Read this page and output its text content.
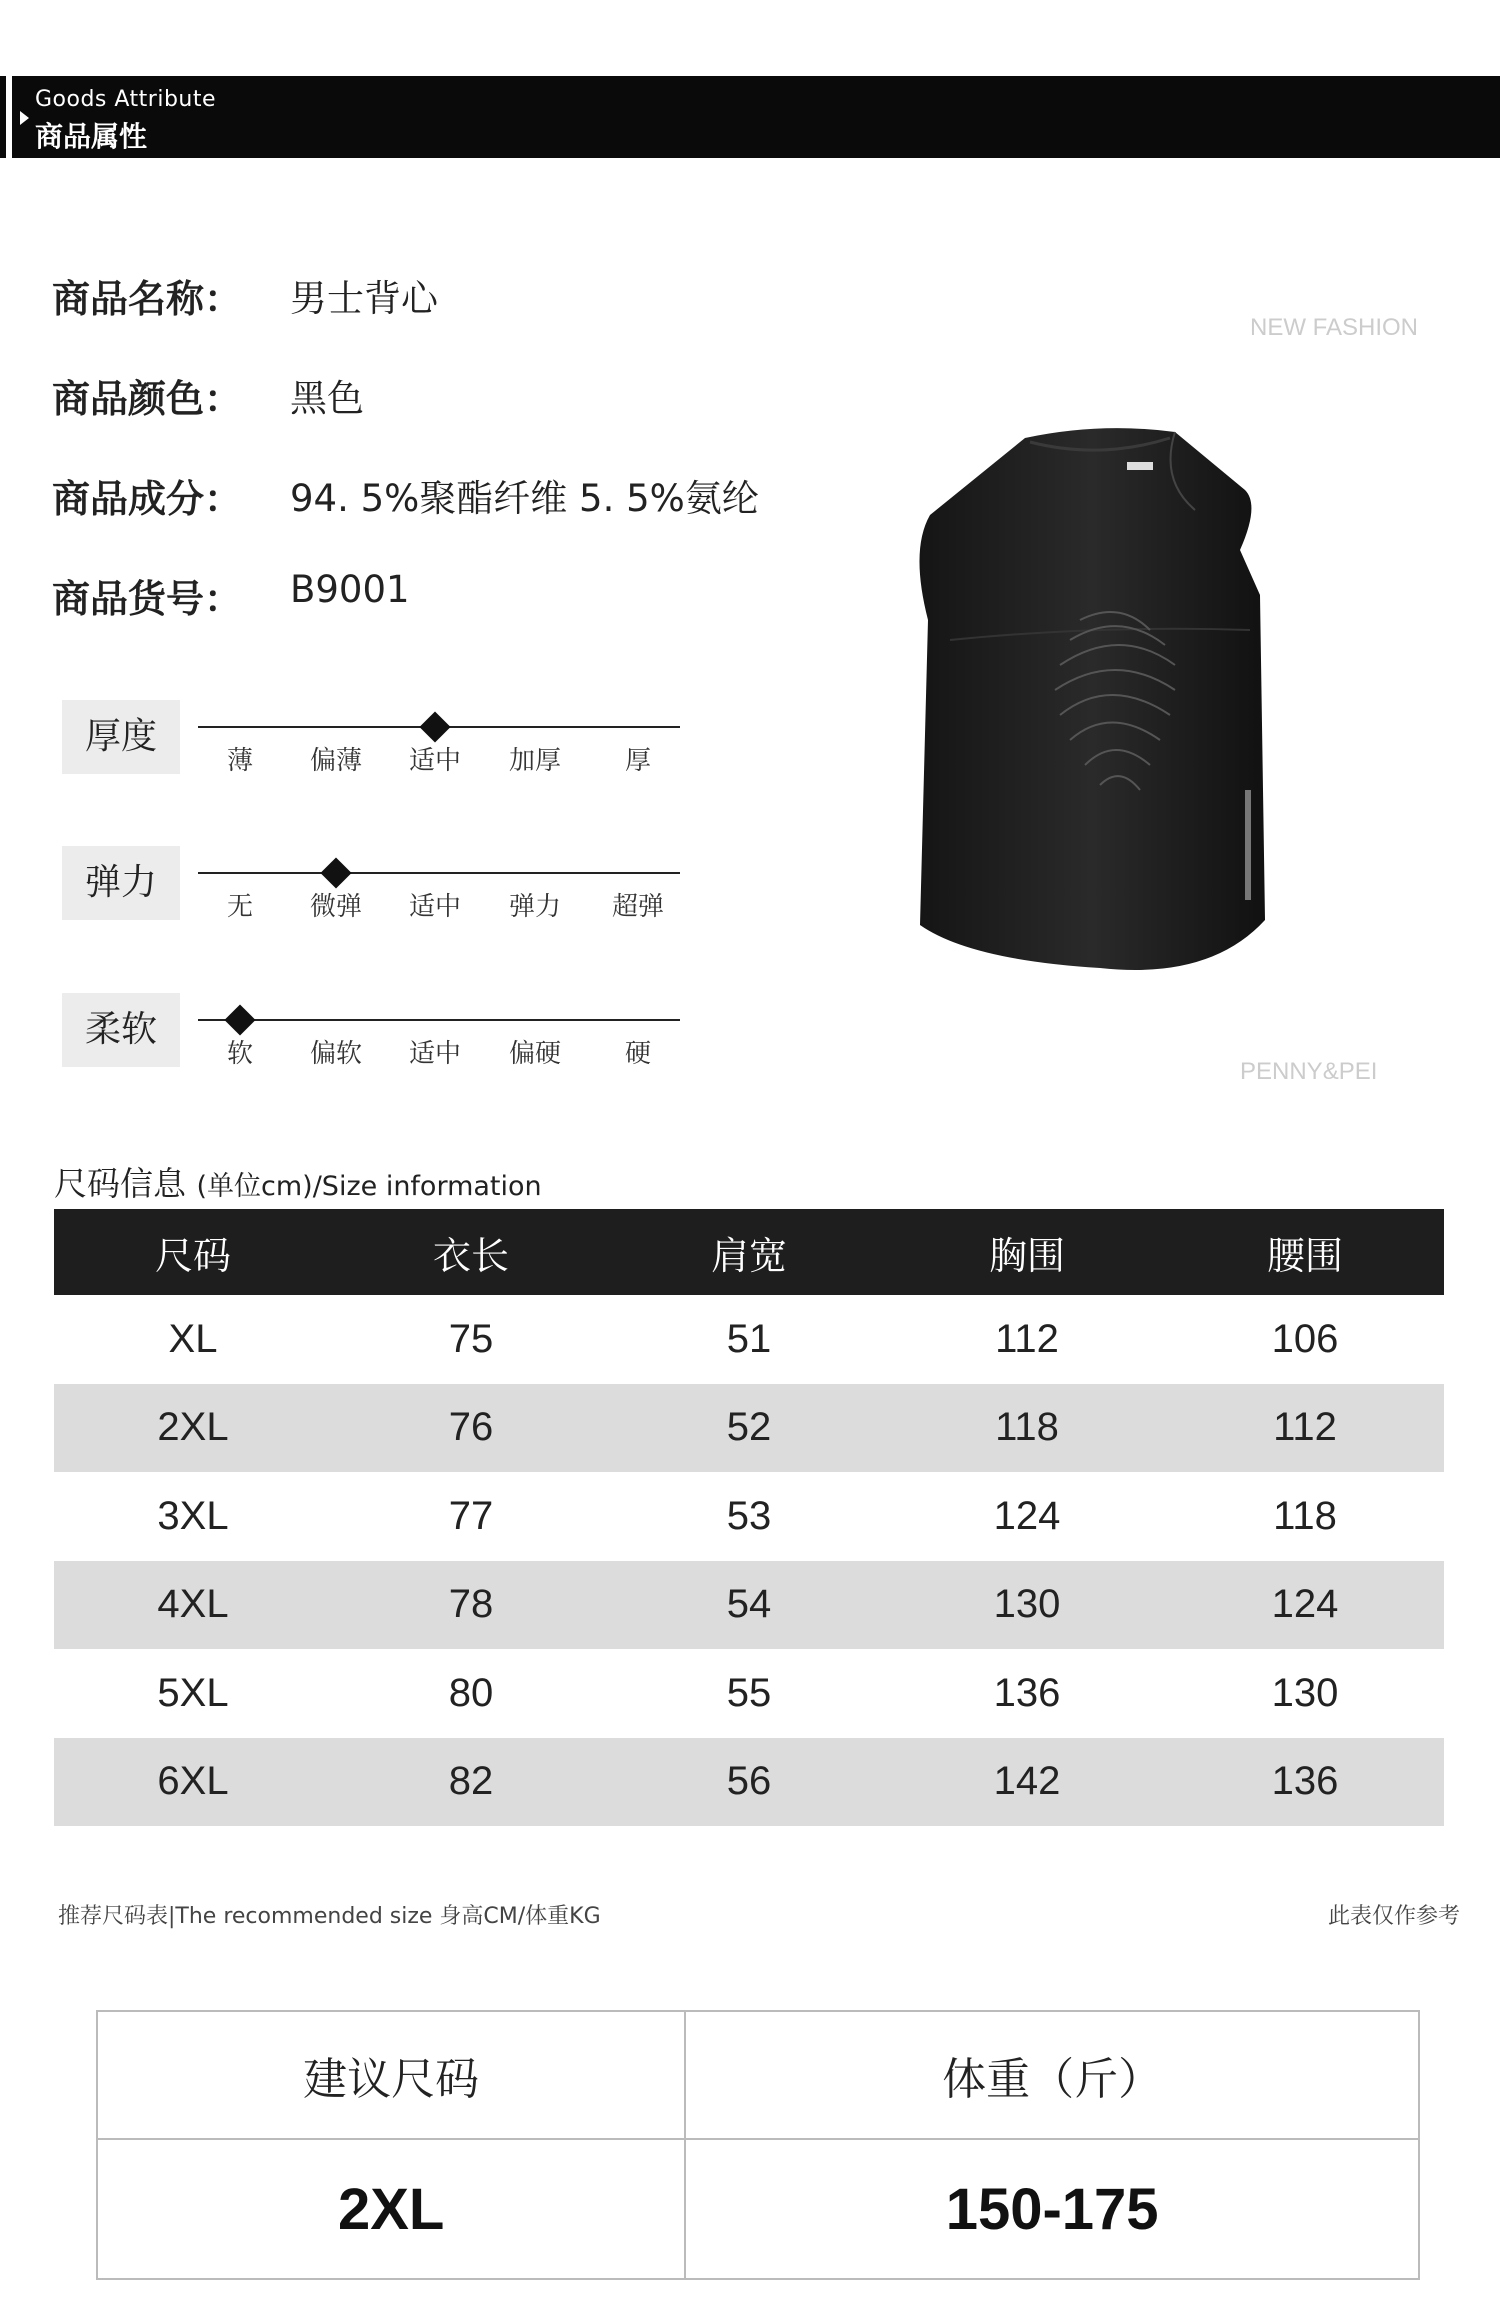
Goods Attribute
商品属性
商品名称： 男士背心
商品颜色： 黑色
商品成分： 94. 5%聚酯纤维 5. 5%氨纶
商品货号： B9001
厚度
薄	偏薄	适中	加厚	厚
弹力
无	微弹	适中	弹力	超弹
柔软
软	偏软	适中	偏硬	硬
NEW FASHION
PENNY&PEI
尺码信息 (单位cm)/Size information
尺码	衣长	肩宽	胸围	腰围
XL	75	51	112	106
2XL	76	52	118	112
3XL	77	53	124	118
4XL	78	54	130	124
5XL	80	55	136	130
6XL	82	56	142	136
推荐尺码表|The recommended size 身高CM/体重KG	此表仅作参考
建议尺码	体重（斤）
2XL	150-175
